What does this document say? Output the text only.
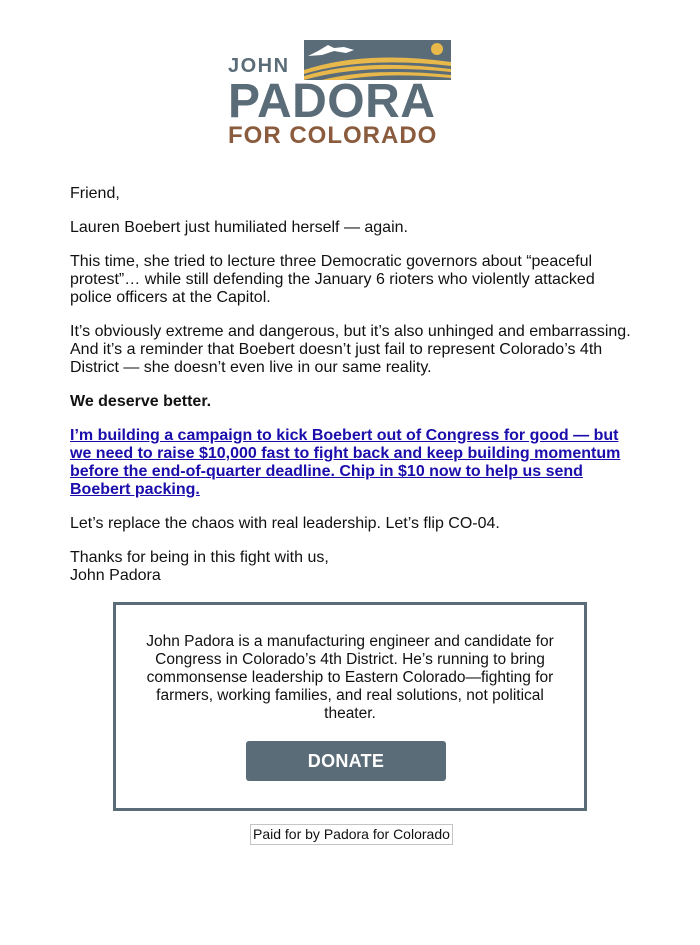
JOHN
PADORA
FOR COLORADO

Friend,

Lauren Boebert just humiliated herself — again.

This time, she tried to lecture three Democratic governors about “peaceful protest”… while still defending the January 6 rioters who violently attacked police officers at the Capitol.

It’s obviously extreme and dangerous, but it’s also unhinged and embarrassing. And it’s a reminder that Boebert doesn’t just fail to represent Colorado’s 4th District — she doesn’t even live in our same reality.

We deserve better.

I’m building a campaign to kick Boebert out of Congress for good — but we need to raise $10,000 fast to fight back and keep building momentum before the end-of-quarter deadline. Chip in $10 now to help us send Boebert packing.

Let’s replace the chaos with real leadership. Let’s flip CO-04.

Thanks for being in this fight with us,
John Padora

John Padora is a manufacturing engineer and candidate for Congress in Colorado’s 4th District. He’s running to bring commonsense leadership to Eastern Colorado—fighting for farmers, working families, and real solutions, not political theater.
DONATE
Paid for by Padora for Colorado
